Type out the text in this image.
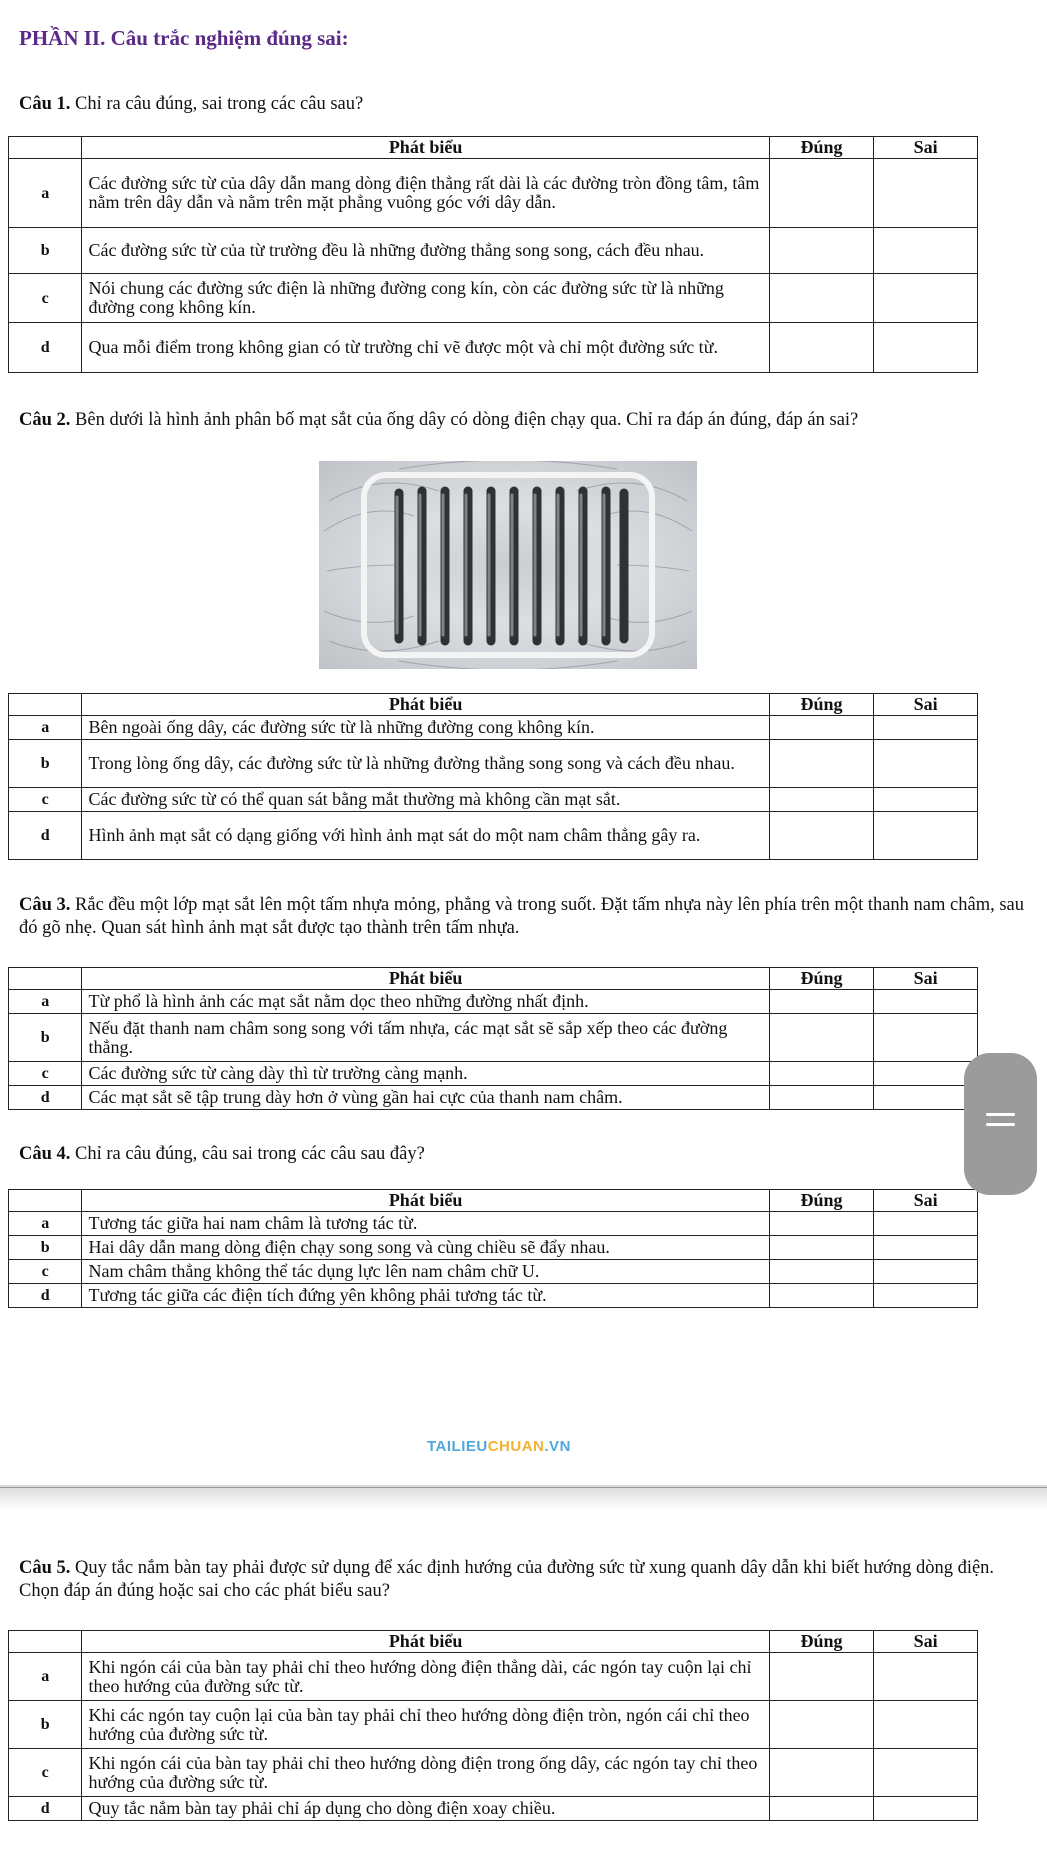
PHẦN II. Câu trắc nghiệm đúng sai:
Câu 1. Chỉ ra câu đúng, sai trong các câu sau?
	Phát biểu	Đúng	Sai
a	Các đường sức từ của dây dẫn mang dòng điện thẳng rất dài là các đường tròn đồng tâm, tâm nằm trên dây dẫn và nằm trên mặt phẳng vuông góc với dây dẫn.		
b	Các đường sức từ của từ trường đều là những đường thẳng song song, cách đều nhau.		
c	Nói chung các đường sức điện là những đường cong kín, còn các đường sức từ là những đường cong không kín.		
d	Qua mỗi điểm trong không gian có từ trường chỉ vẽ được một và chỉ một đường sức từ.		
Câu 2. Bên dưới là hình ảnh phân bố mạt sắt của ống dây có dòng điện chạy qua. Chỉ ra đáp án đúng, đáp án sai?
	Phát biểu	Đúng	Sai
a	Bên ngoài ống dây, các đường sức từ là những đường cong không kín.		
b	Trong lòng ống dây, các đường sức từ là những đường thẳng song song và cách đều nhau.		
c	Các đường sức từ có thể quan sát bằng mắt thường mà không cần mạt sắt.		
d	Hình ảnh mạt sắt có dạng giống với hình ảnh mạt sát do một nam châm thẳng gây ra.		
Câu 3. Rắc đều một lớp mạt sắt lên một tấm nhựa mỏng, phẳng và trong suốt. Đặt tấm nhựa này lên phía trên một thanh nam châm, sau đó gõ nhẹ. Quan sát hình ảnh mạt sắt được tạo thành trên tấm nhựa.
	Phát biểu	Đúng	Sai
a	Từ phổ là hình ảnh các mạt sắt nằm dọc theo những đường nhất định.		
b	Nếu đặt thanh nam châm song song với tấm nhựa, các mạt sắt sẽ sắp xếp theo các đường thẳng.		
c	Các đường sức từ càng dày thì từ trường càng mạnh.		
d	Các mạt sắt sẽ tập trung dày hơn ở vùng gần hai cực của thanh nam châm.		
Câu 4. Chỉ ra câu đúng, câu sai trong các câu sau đây?
	Phát biểu	Đúng	Sai
a	Tương tác giữa hai nam châm là tương tác từ.		
b	Hai dây dẫn mang dòng điện chạy song song và cùng chiều sẽ đẩy nhau.		
c	Nam châm thẳng không thể tác dụng lực lên nam châm chữ U.		
d	Tương tác giữa các điện tích đứng yên không phải tương tác từ.		
TAILIEUCHUAN.VN
Câu 5. Quy tắc nắm bàn tay phải được sử dụng để xác định hướng của đường sức từ xung quanh dây dẫn khi biết hướng dòng điện. Chọn đáp án đúng hoặc sai cho các phát biểu sau?
	Phát biểu	Đúng	Sai
a	Khi ngón cái của bàn tay phải chỉ theo hướng dòng điện thẳng dài, các ngón tay cuộn lại chỉ theo hướng của đường sức từ.		
b	Khi các ngón tay cuộn lại của bàn tay phải chỉ theo hướng dòng điện tròn, ngón cái chỉ theo hướng của đường sức từ.		
c	Khi ngón cái của bàn tay phải chỉ theo hướng dòng điện trong ống dây, các ngón tay chỉ theo hướng của đường sức từ.		
d	Quy tắc nắm bàn tay phải chỉ áp dụng cho dòng điện xoay chiều.		
